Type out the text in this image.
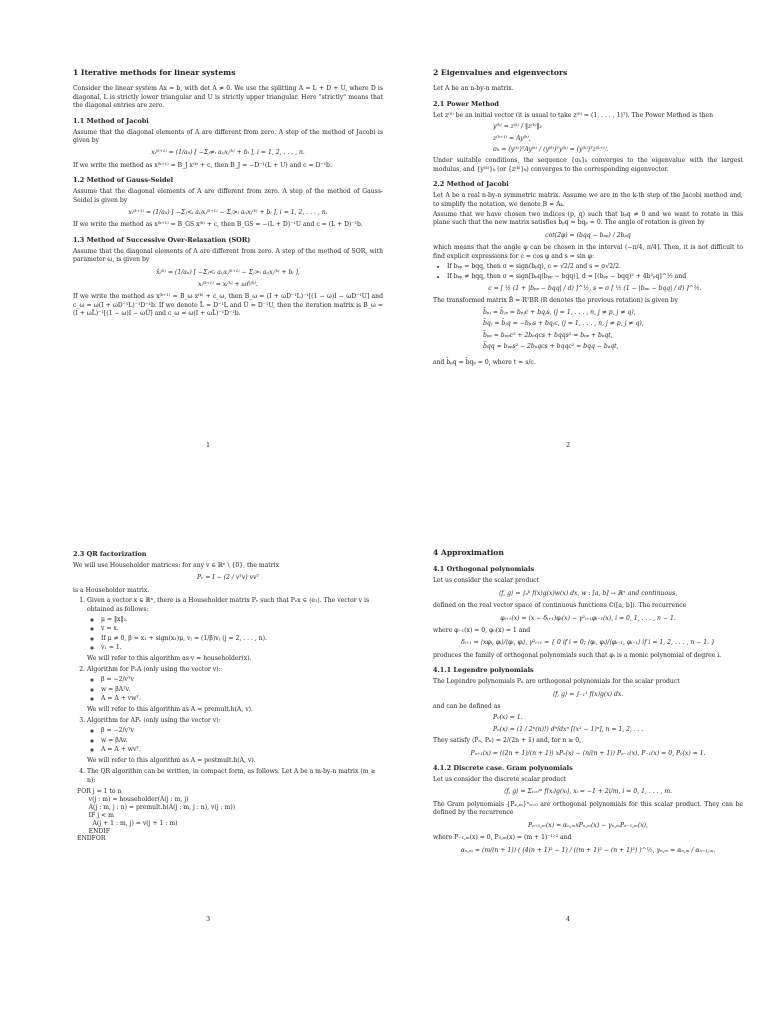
1 Iterative methods for linear systems

Consider the linear system Ax = b, with det A ≠ 0. We use the splitting A = L + D + U, where D is diagonal, L is strictly lower triangular and U is strictly upper triangular. Here "strictly" means that the diagonal entries are zero.

1.1 Method of Jacobi

Assume that the diagonal elements of A are different from zero. A step of the method of Jacobi is given by

xᵢ⁽ᵏ⁺¹⁾ = (1/aᵢᵢ) [ −Σⱼ≠ᵢ aᵢⱼxⱼ⁽ᵏ⁾ + bᵢ ], i = 1, 2, . . . , n.

If we write the method as x⁽ᵏ⁺¹⁾ = B_J x⁽ᵏ⁾ + c, then B_J = −D⁻¹(L + U) and c = D⁻¹b.

1.2 Method of Gauss-Seidel

Assume that the diagonal elements of A are different from zero. A step of the method of Gauss-Seidel is given by

xᵢ⁽ᵏ⁺¹⁾ = (1/aᵢᵢ) [ −Σⱼ<ᵢ aᵢⱼxⱼ⁽ᵏ⁺¹⁾ − Σⱼ>ᵢ aᵢⱼxⱼ⁽ᵏ⁾ + bᵢ ], i = 1, 2, . . . , n.

If we write the method as x⁽ᵏ⁺¹⁾ = B_GS x⁽ᵏ⁾ + c, then B_GS = −(L + D)⁻¹U and c = (L + D)⁻¹b.

1.3 Method of Successive Over-Relaxation (SOR)

Assume that the diagonal elements of A are different from zero. A step of the method of SOR, with parameter ω, is given by

x̂ᵢ⁽ᵏ⁾ = (1/aᵢᵢ) [ −Σⱼ<ᵢ aᵢⱼxⱼ⁽ᵏ⁺¹⁾ − Σⱼ>ᵢ aᵢⱼxⱼ⁽ᵏ⁾ + bᵢ ],
xᵢ⁽ᵏ⁺¹⁾ = xᵢ⁽ᵏ⁾ + ωr̂ᵢ⁽ᵏ⁾.

If we write the method as x⁽ᵏ⁺¹⁾ = B_ω x⁽ᵏ⁾ + c_ω, then B_ω = (I + ωD⁻¹L)⁻¹[(1 − ω)I − ωD⁻¹U] and c_ω = ω(I + ωD⁻¹L)⁻¹D⁻¹b. If we denote L̃ = D⁻¹L and Ũ = D⁻¹U, then the iteration matrix is B_ω = (I + ωL̃)⁻¹[(1 − ω)I − ωŨ] and c_ω = ω(I + ωL̃)⁻¹D⁻¹b.

1
2 Eigenvalues and eigenvectors

Let A be an n-by-n matrix.

2.1 Power Method

Let z⁽⁰⁾ be an initial vector (it is usual to take z⁽⁰⁾ = (1, . . . , 1)ᵀ). The Power Method is then

y⁽ᵏ⁾ = z⁽ᵏ⁾ / ‖z⁽ᵏ⁾‖₂
z⁽ᵏ⁺¹⁾ = Ay⁽ᵏ⁾,
σₖ = (y⁽ᵏ⁾)ᵀAy⁽ᵏ⁾ / (y⁽ᵏ⁾)ᵀy⁽ᵏ⁾ = (y⁽ᵏ⁾)ᵀz⁽ᵏ⁺¹⁾.

Under suitable conditions, the sequence {σₖ}ₖ converges to the eigenvalue with the largest modulus, and {y⁽ᵏ⁾}ₖ (or {z⁽ᵏ⁾}ₖ) converges to the corresponding eigenvector.

2.2 Method of Jacobi

Let A be a real n-by-n symmetric matrix. Assume we are in the k-th step of the Jacobi method and, to simplify the notation, we denote B = Aₖ.

Assume that we have chosen two indices (p, q) such that bₚq ≠ 0 and we want to rotate in this plane such that the new matrix satisfies b̄ₚq = b̄qₚ = 0. The angle of rotation is given by

cot(2φ) = (bqq − bₚₚ) / 2bₚq

which means that the angle φ can be chosen in the interval (−π/4, π/4]. Then, it is not difficult to find explicit expressions for c = cos φ and s = sin φ:

• If bₚₚ = bqq, then σ = sign(bₚq), c = √2/2 and s = σ√2/2.
• If bₚₚ ≠ bqq, then σ = sign[bₚq(bₚₚ − bqq)], d = [(bₚₚ − bqq)² + 4b²ₚq]^½ and
c = [ ½ (1 + |bₚₚ − bqq| / d) ]^½, s = σ [ ½ (1 − |bₚₚ − bqq| / d) ]^½.

The transformed matrix B̄ = RᵀBR (R denotes the previous rotation) is given by

b̄ₚⱼ = b̄ⱼₚ = bₚⱼc + bqⱼs, (j = 1, . . . , n, j ≠ p, j ≠ q),
b̄qⱼ = b̄ⱼq = −bₚⱼs + bqⱼc, (j = 1, . . . , n, j ≠ p, j ≠ q),
b̄ₚₚ = bₚₚc² + 2bₚqcs + bqqs² = bₚₚ + bₚqt,
b̄qq = bₚₚs² − 2bₚqcs + bqqc² = bqq − bₚqt,

and b̄ₚq = b̄qₚ = 0, where t = s/c.

2
2.3 QR factorization

We will use Householder matrices: for any v ∈ ℝⁿ \ {0}, the matrix

Pᵥ = I − (2 / vᵀv) vvᵀ

is a Householder matrix.

1. Given a vector x ∈ ℝⁿ, there is a Householder matrix Pᵥ such that Pᵥx ∈ ⟨e₁⟩. The vector v is obtained as follows:
◦ μ = ‖x‖₂.
◦ v = x.
◦ If μ ≠ 0, β = x₁ + sign(x₁)μ, vⱼ = (1/β)vⱼ (j = 2, . . . , n).
◦ v₁ = 1.
We will refer to this algorithm as v = householder(x).
2. Algorithm for PᵥA (only using the vector v):
◦ β = −2/vᵀv
◦ w = βAᵀv.
◦ A = A + vwᵀ.
We will refer to this algorithm as A = premult.h(A, v).
3. Algorithm for APᵥ (only using the vector v):
◦ β = −2/vᵀv
◦ w = βAv.
◦ A = A + wvᵀ.
We will refer to this algorithm as A = postmult.h(A, v).
4. The QR algorithm can be written, in compact form, as follows. Let A be a m-by-n matrix (m ≥ n):
FOR j = 1 to n
v(j : m) = householder(A(j : m, j)
A(j : m, j : n) = premult.h(A(j : m, j : n), v(j : m))
IF j < m
A(j + 1 : m, j) = v(j + 1 : m)
ENDIF
ENDFOR
3
4 Approximation
4.1 Orthogonal polynomials

Let us consider the scalar product

⟨f, g⟩ = ∫ₐᵇ f(x)g(x)w(x) dx, w : [a, b] → ℝ⁺ and continuous,

defined on the real vector space of continuous functions ℂ([a, b]). The recurrence

φᵢ₊₁(x) = (x − δᵢ₊₁)φᵢ(x) − γ²ᵢ₊₁φᵢ₋₁(x), i = 0, 1, . . . , n − 1.

where φ₋₁(x) = 0, φ₀(x) = 1 and

δᵢ₊₁ = ⟨xφᵢ, φᵢ⟩/⟨φᵢ, φᵢ⟩, γ²ᵢ₊₁ = { 0 if i = 0; ⟨φᵢ, φᵢ⟩/⟨φᵢ₋₁, φᵢ₋₁⟩ if i = 1, 2, . . . , n − 1. }

produces the family of orthogonal polynomials such that φᵢ is a monic polynomial of degree i.

4.1.1 Legendre polynomials

The Legendre polynomials Pₙ are orthogonal polynomials for the scalar product

⟨f, g⟩ = ∫₋₁¹ f(x)g(x) dx.

and can be defined as

P₀(x) = 1.
Pₙ(x) = (1 / 2ⁿ(n)!) dⁿ/dxⁿ [(x² − 1)ⁿ], n = 1, 2, . . .

They satisfy ⟨Pₙ, Pₙ⟩ = 2/(2n + 1) and, for n ≥ 0,

Pₙ₊₁(x) = ((2n + 1)/(n + 1)) xPₙ(x) − (n/(n + 1)) Pₙ₋₁(x), P₋₁(x) = 0, P₀(x) = 1.
4.1.2 Discrete case. Gram polynomials

Let us consider the discrete scalar product

⟨f, g⟩ = Σᵢ₌₀ᵐ f(xᵢ)g(xᵢ), xᵢ = −1 + 2i/m, i = 0, 1, . . . , m.

The Gram polynomials {Pₙ,ₘ}ⁿₙ₌₀ are orthogonal polynomials for this scalar product. They can be defined by the recurrence

Pₙ₊₁,ₘ(x) = αₙ,ₘxPₙ,ₘ(x) − γₙ,ₘPₙ₋₁,ₘ(x),

where P₋₁,ₘ(x) = 0, P₀,ₘ(x) = (m + 1)⁻¹ᐟ² and

αₙ,ₘ = (m/(n + 1)) ( (4(n + 1)² − 1) / ((m + 1)² − (n + 1)²) )^½, γₙ,ₘ = αₙ,ₘ / αₙ₋₁,ₘ.
4
